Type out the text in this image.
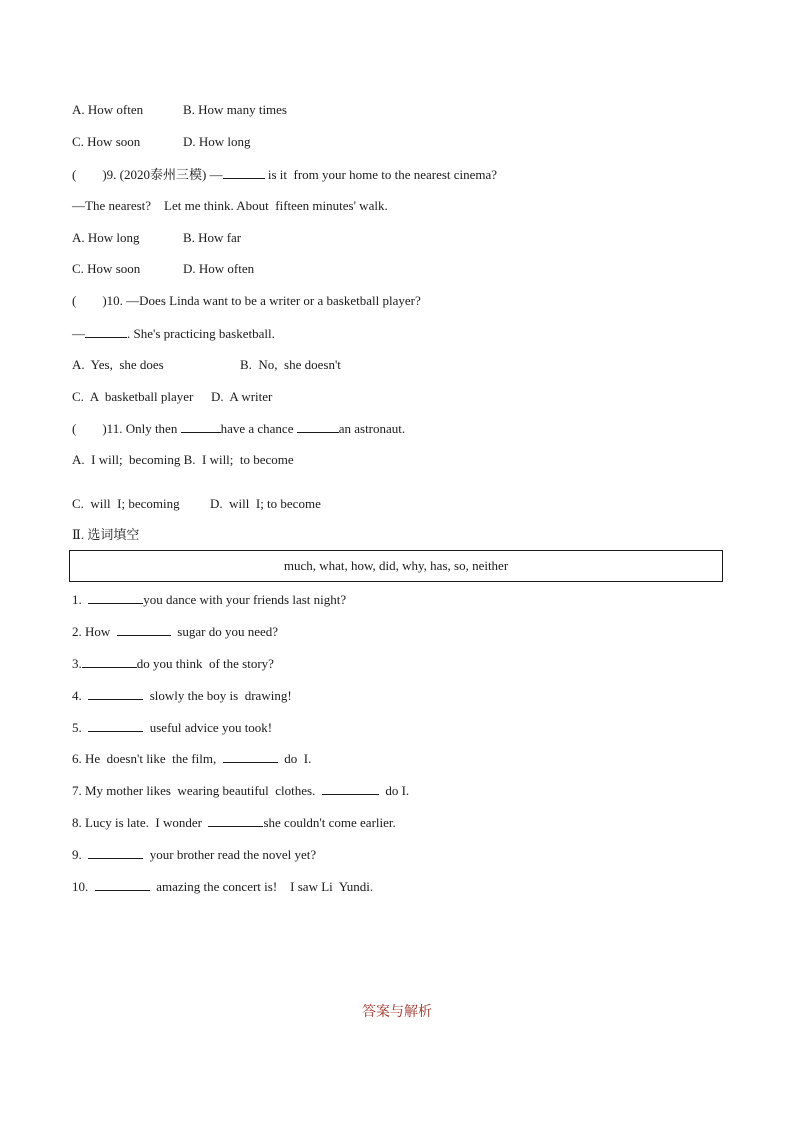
A. How often	B. How many times
C. How soon	D. How long
(        )9. (2020泰州三模) —	is it  from your home to the nearest cinema?
—The nearest?    Let me think. About  fifteen minutes' walk.
A. How long	B. How far
C. How soon	D. How often
(        )10. —Does Linda want to be a writer or a basketball player?
—	. She's practicing basketball.
A.  Yes,  she does	B.  No,  she doesn't
C.  A  basketball player D.  A writer
(        )11. Only then	have a chance	an astronaut.
A.  I will;  becoming B.  I will;  to become
C.  will  I; becoming D.  will  I; to become
Ⅱ. 选词填空
much, what, how, did, why, has, so, neither
1.	you dance with your friends last night?
2. How	sugar do you need?
3.	do you think  of the story?
4.	slowly the boy is  drawing!
5.	useful advice you took!
6. He  doesn't like  the film,	do  I.
7. My mother likes  wearing beautiful  clothes.	do I.
8. Lucy is late.  I wonder	she couldn't come earlier.
9.	your brother read the novel yet?
10.	amazing the concert is!    I saw Li  Yundi.
答案与解析
